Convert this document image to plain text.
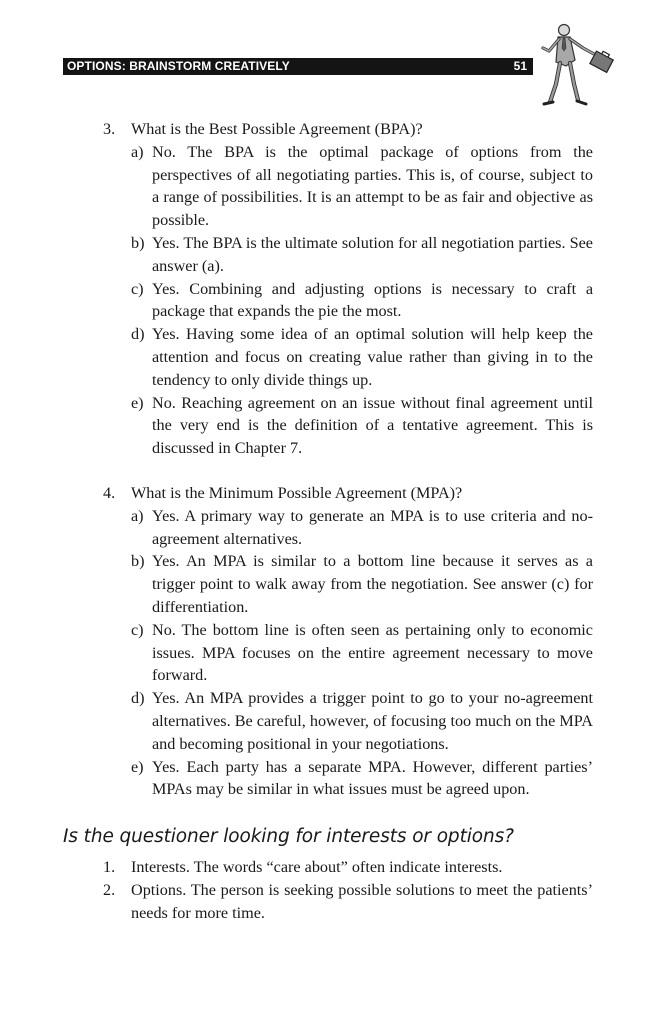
OPTIONS: BRAINSTORM CREATIVELY	51
3. What is the Best Possible Agreement (BPA)?
a) No. The BPA is the optimal package of options from the perspectives of all negotiating parties. This is, of course, subject to a range of possibilities. It is an attempt to be as fair and objective as possible.
b) Yes. The BPA is the ultimate solution for all negotiation parties. See answer (a).
c) Yes. Combining and adjusting options is necessary to craft a package that expands the pie the most.
d) Yes. Having some idea of an optimal solution will help keep the attention and focus on creating value rather than giving in to the tendency to only divide things up.
e) No. Reaching agreement on an issue without final agreement until the very end is the definition of a tentative agreement. This is discussed in Chapter 7.
4. What is the Minimum Possible Agreement (MPA)?
a) Yes. A primary way to generate an MPA is to use criteria and no-agreement alternatives.
b) Yes. An MPA is similar to a bottom line because it serves as a trigger point to walk away from the negotiation. See answer (c) for differentiation.
c) No. The bottom line is often seen as pertaining only to economic issues. MPA focuses on the entire agreement necessary to move forward.
d) Yes. An MPA provides a trigger point to go to your no-agreement alternatives. Be careful, however, of focusing too much on the MPA and becoming positional in your negotiations.
e) Yes. Each party has a separate MPA. However, different parties’ MPAs may be similar in what issues must be agreed upon.
Is the questioner looking for interests or options?
1. Interests. The words “care about” often indicate interests.
2. Options. The person is seeking possible solutions to meet the patients’ needs for more time.
